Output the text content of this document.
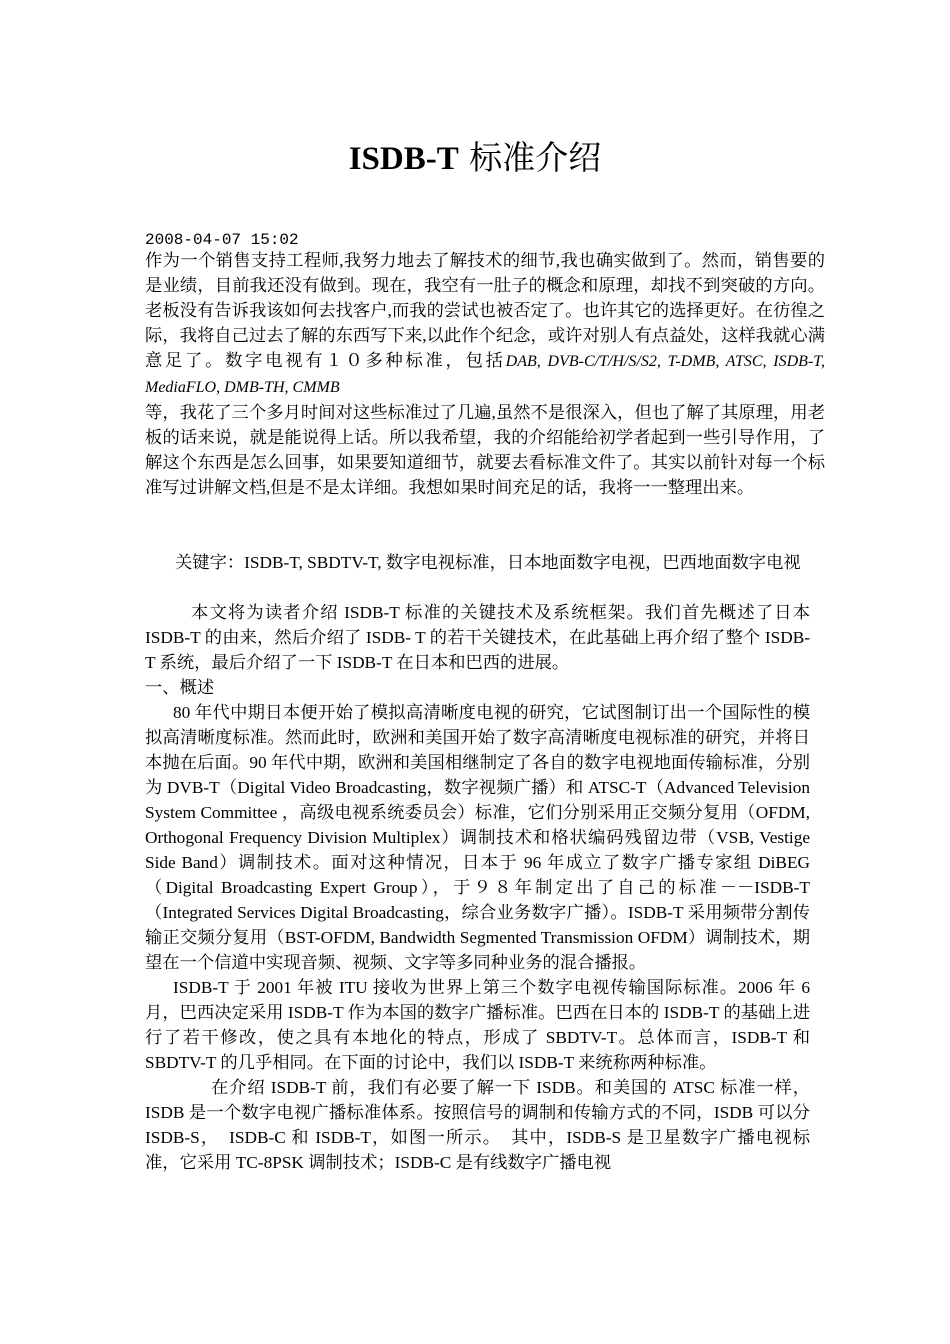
ISDB-T 标准介绍
2008-04-07 15:02

作为一个销售支持工程师,我努力地去了解技术的细节,我也确实做到了。然而，销售要的是业绩，目前我还没有做到。现在，我空有一肚子的概念和原理，却找不到突破的方向。老板没有告诉我该如何去找客户,而我的尝试也被否定了。也许其它的选择更好。在彷徨之际，我将自己过去了解的东西写下来,以此作个纪念，或许对别人有点益处，这样我就心满意足了。数字电视有１０多种标准，包括DAB, DVB-C/T/H/S/S2, T-DMB, ATSC, ISDB-T, MediaFLO, DMB-TH, CMMB
等，我花了三个多月时间对这些标准过了几遍,虽然不是很深入，但也了解了其原理，用老板的话来说，就是能说得上话。所以我希望，我的介绍能给初学者起到一些引导作用，了解这个东西是怎么回事，如果要知道细节，就要去看标准文件了。其实以前针对每一个标准写过讲解文档,但是不是太详细。我想如果时间充足的话，我将一一整理出来。

关键字：ISDB-T, SBDTV-T, 数字电视标准，日本地面数字电视，巴西地面数字电视

本文将为读者介绍 ISDB-T 标准的关键技术及系统框架。我们首先概述了日本 ISDB-T 的由来，然后介绍了 ISDB- T 的若干关键技术，在此基础上再介绍了整个 ISDB-T 系统，最后介绍了一下 ISDB-T 在日本和巴西的进展。

一、概述

80 年代中期日本便开始了模拟高清晰度电视的研究，它试图制订出一个国际性的模拟高清晰度标准。然而此时，欧洲和美国开始了数字高清晰度电视标准的研究，并将日本抛在后面。90 年代中期，欧洲和美国相继制定了各自的数字电视地面传输标准，分别为 DVB-T（Digital Video Broadcasting，数字视频广播）和 ATSC-T（Advanced Television System Committee ，高级电视系统委员会）标准，它们分别采用正交频分复用（OFDM, Orthogonal Frequency Division Multiplex）调制技术和格状编码残留边带（VSB, Vestige Side Band）调制技术。面对这种情况，日本于 96 年成立了数字广播专家组 DiBEG（Digital Broadcasting Expert Group），于９８年制定出了自己的标准－－ISDB-T（Integrated Services Digital Broadcasting，综合业务数字广播）。ISDB-T 采用频带分割传输正交频分复用（BST-OFDM, Bandwidth Segmented Transmission OFDM）调制技术，期望在一个信道中实现音频、视频、文字等多同种业务的混合播报。

ISDB-T 于 2001 年被 ITU 接收为世界上第三个数字电视传输国际标准。2006 年 6 月，巴西决定采用 ISDB-T 作为本国的数字广播标准。巴西在日本的 ISDB-T 的基础上进行了若干修改，使之具有本地化的特点，形成了 SBDTV-T。总体而言，ISDB-T 和 SBDTV-T 的几乎相同。在下面的讨论中，我们以 ISDB-T 来统称两种标准。

在介绍 ISDB-T 前，我们有必要了解一下 ISDB。和美国的 ATSC 标准一样，ISDB 是一个数字电视广播标准体系。按照信号的调制和传输方式的不同，ISDB 可以分 ISDB-S，　ISDB-C 和 ISDB-T，如图一所示。　其中，ISDB-S 是卫星数字广播电视标准，它采用 TC-8PSK 调制技术；ISDB-C 是有线数字广播电视
